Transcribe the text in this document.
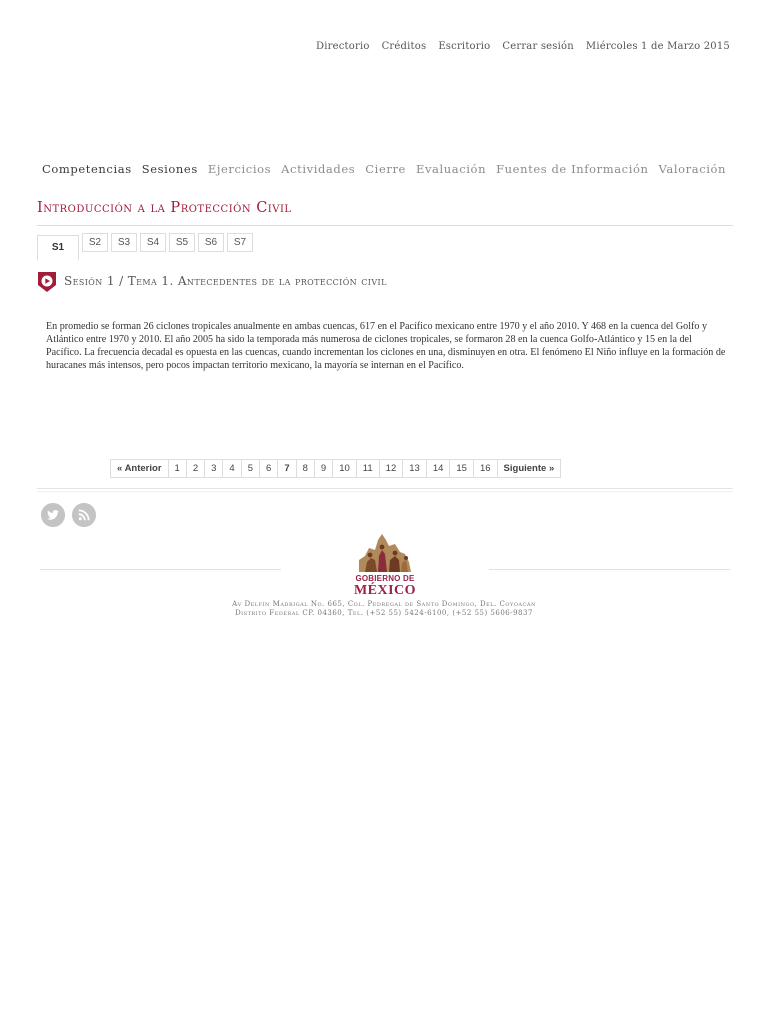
Directorio Créditos Escritorio Cerrar sesión Miércoles 1 de Marzo 2015
Competencias Sesiones Ejercicios Actividades Cierre Evaluación Fuentes de Información Valoración
Introducción a la Protección Civil
S1	S2	S3	S4	S5	S6	S7
Sesión 1 / Tema 1. Antecedentes de la protección civil
En promedio se forman 26 ciclones tropicales anualmente en ambas cuencas, 617 en el Pacífico mexicano entre 1970 y el año 2010. Y 468 en la cuenca del Golfo y Atlántico entre 1970 y 2010. El año 2005 ha sido la temporada más numerosa de ciclones tropicales, se formaron 28 en la cuenca Golfo-Atlántico y 15 en la del Pacífico. La frecuencia decadal es opuesta en las cuencas, cuando incrementan los ciclones en una, disminuyen en otra. El fenómeno El Niño influye en la formación de huracanes más intensos, pero pocos impactan territorio mexicano, la mayoría se internan en el Pacífico.
« Anterior	1	2	3	4	5	6	7	8	9	10	11	12	13	14	15	16	Siguiente »
GOBIERNO DE
MÉXICO
Av Delfín Madrigal No. 665, Col. Pedregal de Santo Domingo, Del. Coyoacán
Distrito Federal CP. 04360, Tel. (+52 55) 5424-6100, (+52 55) 5606-9837
